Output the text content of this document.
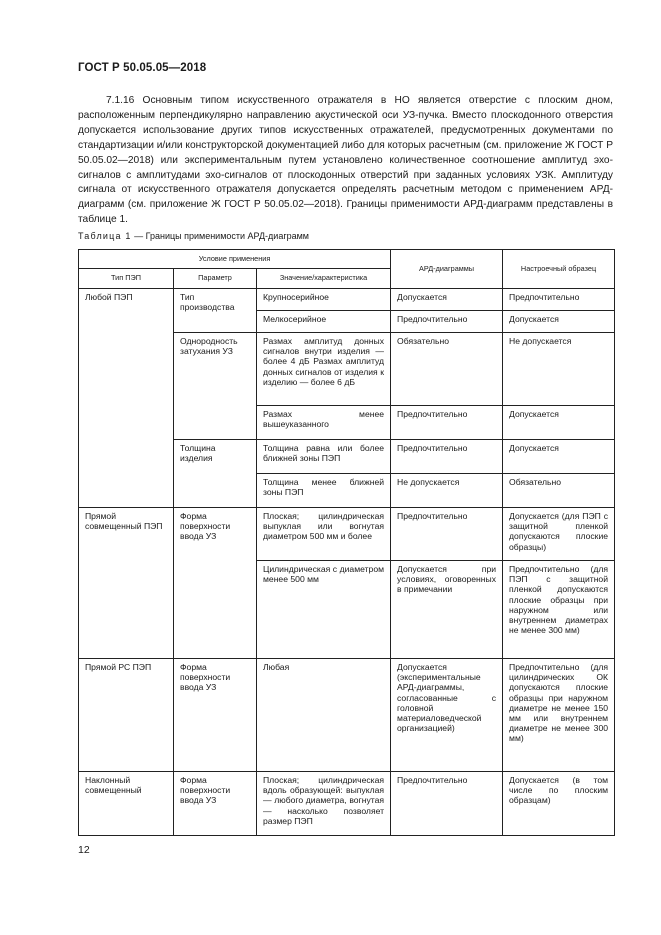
ГОСТ Р 50.05.05—2018
7.1.16 Основным типом искусственного отражателя в НО является отверстие с плоским дном, расположенным перпендикулярно направлению акустической оси УЗ-пучка. Вместо плоскодонного отверстия допускается использование других типов искусственных отражателей, предусмотренных документами по стандартизации и/или конструкторской документацией либо для которых расчетным (см. приложение Ж ГОСТ Р 50.05.02—2018) или экспериментальным путем установлено количественное соотношение амплитуд эхо-сигналов с амплитудами эхо-сигналов от плоскодонных отверстий при заданных условиях УЗК. Амплитуду сигнала от искусственного отражателя допускается определять расчетным методом с применением АРД-диаграмм (см. приложение Ж ГОСТ Р 50.05.02—2018). Границы применимости АРД-диаграмм представлены в таблице 1.
Таблица 1 — Границы применимости АРД-диаграмм
Условие применения			АРД-диаграммы	Настроечный образец
Тип ПЭП	Параметр	Значение/характеристика		
Любой ПЭП	Тип производства	Крупносерийное	Допускается	Предпочтительно
		Мелкосерийное	Предпочтительно	Допускается
	Однородность затухания УЗ	Размах амплитуд донных сигналов внутри изделия — более 4 дБ Размах амплитуд донных сигналов от изделия к изделию — более 6 дБ	Обязательно	Не допускается
		Размах менее вышеуказанного	Предпочтительно	Допускается
	Толщина изделия	Толщина равна или более ближней зоны ПЭП	Предпочтительно	Допускается
		Толщина менее ближней зоны ПЭП	Не допускается	Обязательно
Прямой совмещенный ПЭП	Форма поверхности ввода УЗ	Плоская; цилиндрическая выпуклая или вогнутая диаметром 500 мм и более	Предпочтительно	Допускается (для ПЭП с защитной пленкой допускаются плоские образцы)
		Цилиндрическая с диаметром менее 500 мм	Допускается при условиях, оговоренных в примечании	Предпочтительно (для ПЭП с защитной пленкой допускаются плоские образцы при наружном или внутреннем диаметрах не менее 300 мм)
Прямой РС ПЭП	Форма поверхности ввода УЗ	Любая	Допускается (экспериментальные АРД-диаграммы, согласованные с головной материаловедческой организацией)	Предпочтительно (для цилиндрических ОК допускаются плоские образцы при наружном диаметре не менее 150 мм или внутреннем диаметре не менее 300 мм)
Наклонный совмещенный	Форма поверхности ввода УЗ	Плоская; цилиндрическая вдоль образующей: выпуклая — любого диаметра, вогнутая — насколько позволяет размер ПЭП	Предпочтительно	Допускается (в том числе по плоским образцам)
12
